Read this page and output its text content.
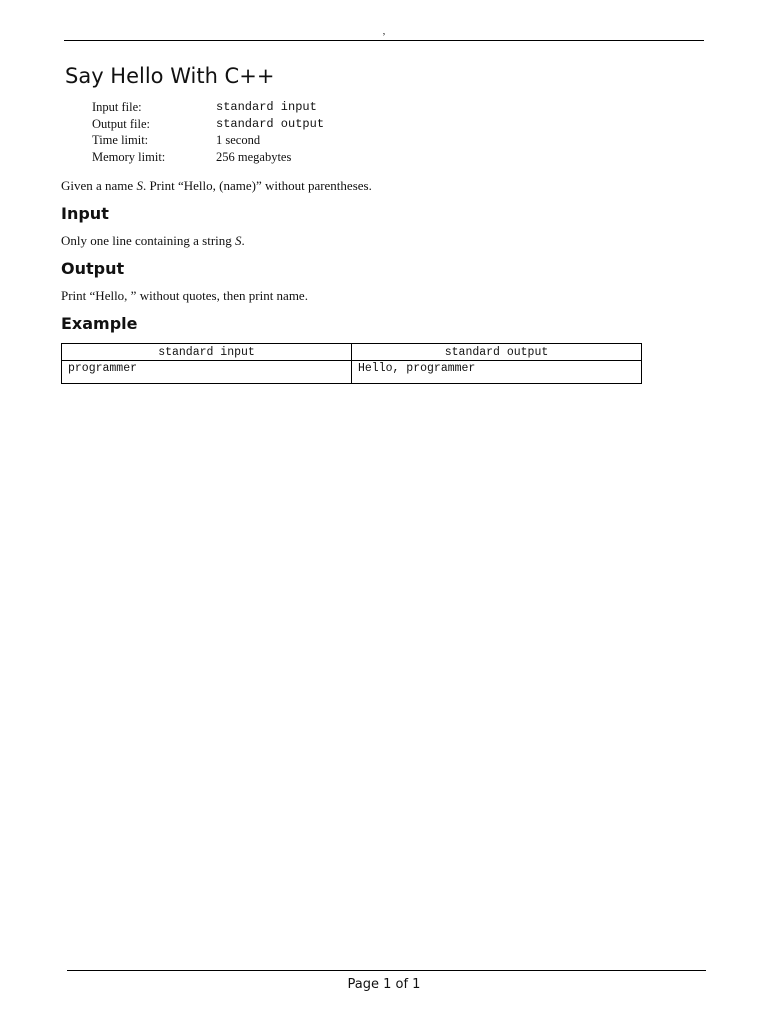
,
Say Hello With C++
Input file:	standard input
Output file:	standard output
Time limit:	1 second
Memory limit:	256 megabytes

Given a name S. Print “Hello, (name)” without parentheses.

Input

Only one line containing a string S.

Output

Print “Hello, ” without quotes, then print name.

Example
standard input	standard output
programmer	Hello, programmer
Page 1 of 1
